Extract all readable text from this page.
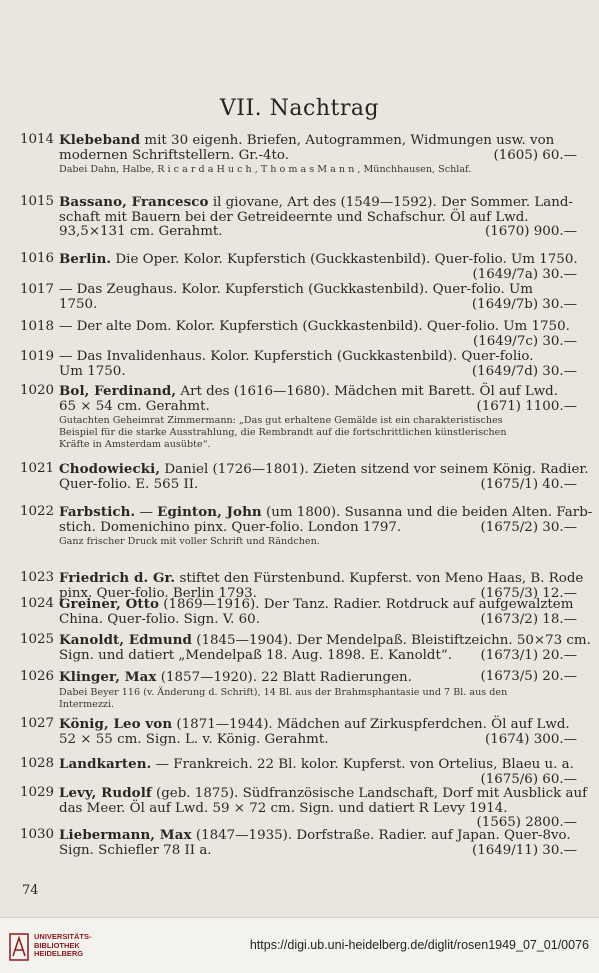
VII. Nachtrag
1014 Klebeband mit 30 eigenh. Briefen, Autogrammen, Widmungen usw. von
modernen Schriftstellern. Gr.-4to.	(1605) 60.—
Dabei Dahn, Halbe, R i c a r d a H u c h , T h o m a s M a n n , Münchhausen, Schlaf.
1015 Bassano, Francesco il giovane, Art des (1549—1592). Der Sommer. Land-
schaft mit Bauern bei der Getreideernte und Schafschur. Öl auf Lwd.
93,5×131 cm. Gerahmt.	(1670) 900.—
1016 Berlin. Die Oper. Kolor. Kupferstich (Guckkastenbild). Quer-folio. Um 1750.

(1649/7a) 30.—
1017 — Das Zeughaus. Kolor. Kupferstich (Guckkastenbild). Quer-folio. Um
1750.	(1649/7b) 30.—
1018 — Der alte Dom. Kolor. Kupferstich (Guckkastenbild). Quer-folio. Um 1750.

(1649/7c) 30.—
1019 — Das Invalidenhaus. Kolor. Kupferstich (Guckkastenbild). Quer-folio.
Um 1750.	(1649/7d) 30.—
1020 Bol, Ferdinand, Art des (1616—1680). Mädchen mit Barett. Öl auf Lwd.
65 × 54 cm. Gerahmt.	(1671) 1100.—
Gutachten Geheimrat Zimmermann: „Das gut erhaltene Gemälde ist ein charakteristisches
Beispiel für die starke Ausstrahlung, die Rembrandt auf die fortschrittlichen künstlerischen
Kräfte in Amsterdam ausübte“.
1021 Chodowiecki, Daniel (1726—1801). Zieten sitzend vor seinem König. Radier.
Quer-folio. E. 565 II.	(1675/1) 40.—
1022 Farbstich. — Eginton, John (um 1800). Susanna und die beiden Alten. Farb-
stich. Domenichino pinx. Quer-folio. London 1797.	(1675/2) 30.—
Ganz frischer Druck mit voller Schrift und Rändchen.
1023 Friedrich d. Gr. stiftet den Fürstenbund. Kupferst. von Meno Haas, B. Rode
pinx. Quer-folio. Berlin 1793.	(1675/3) 12.—
1024 Greiner, Otto (1869—1916). Der Tanz. Radier. Rotdruck auf aufgewalztem
China. Quer-folio. Sign. V. 60.	(1673/2) 18.—
1025 Kanoldt, Edmund (1845—1904). Der Mendelpaß. Bleistiftzeichn. 50×73 cm.
Sign. und datiert „Mendelpaß 18. Aug. 1898. E. Kanoldt“. (1673/1) 20.—
1026 Klinger, Max (1857—1920). 22 Blatt Radierungen.	(1673/5) 20.—
Dabei Beyer 116 (v. Änderung d. Schrift), 14 Bl. aus der Brahmsphantasie und 7 Bl. aus den
Intermezzi.
1027 König, Leo von (1871—1944). Mädchen auf Zirkuspferdchen. Öl auf Lwd.
52 × 55 cm. Sign. L. v. König. Gerahmt.	(1674) 300.—
1028 Landkarten. — Frankreich. 22 Bl. kolor. Kupferst. von Ortelius, Blaeu u. a.

(1675/6) 60.—
1029 Levy, Rudolf (geb. 1875). Südfranzösische Landschaft, Dorf mit Ausblick auf
das Meer. Öl auf Lwd. 59 × 72 cm. Sign. und datiert R Levy 1914.

(1565) 2800.—
1030 Liebermann, Max (1847—1935). Dorfstraße. Radier. auf Japan. Quer-8vo.
Sign. Schiefler 78 II a.	(1649/11) 30.—
74
UNIVERSITÄTS-
BIBLIOTHEK
HEIDELBERG
https://digi.ub.uni-heidelberg.de/diglit/rosen1949_07_01/0076
